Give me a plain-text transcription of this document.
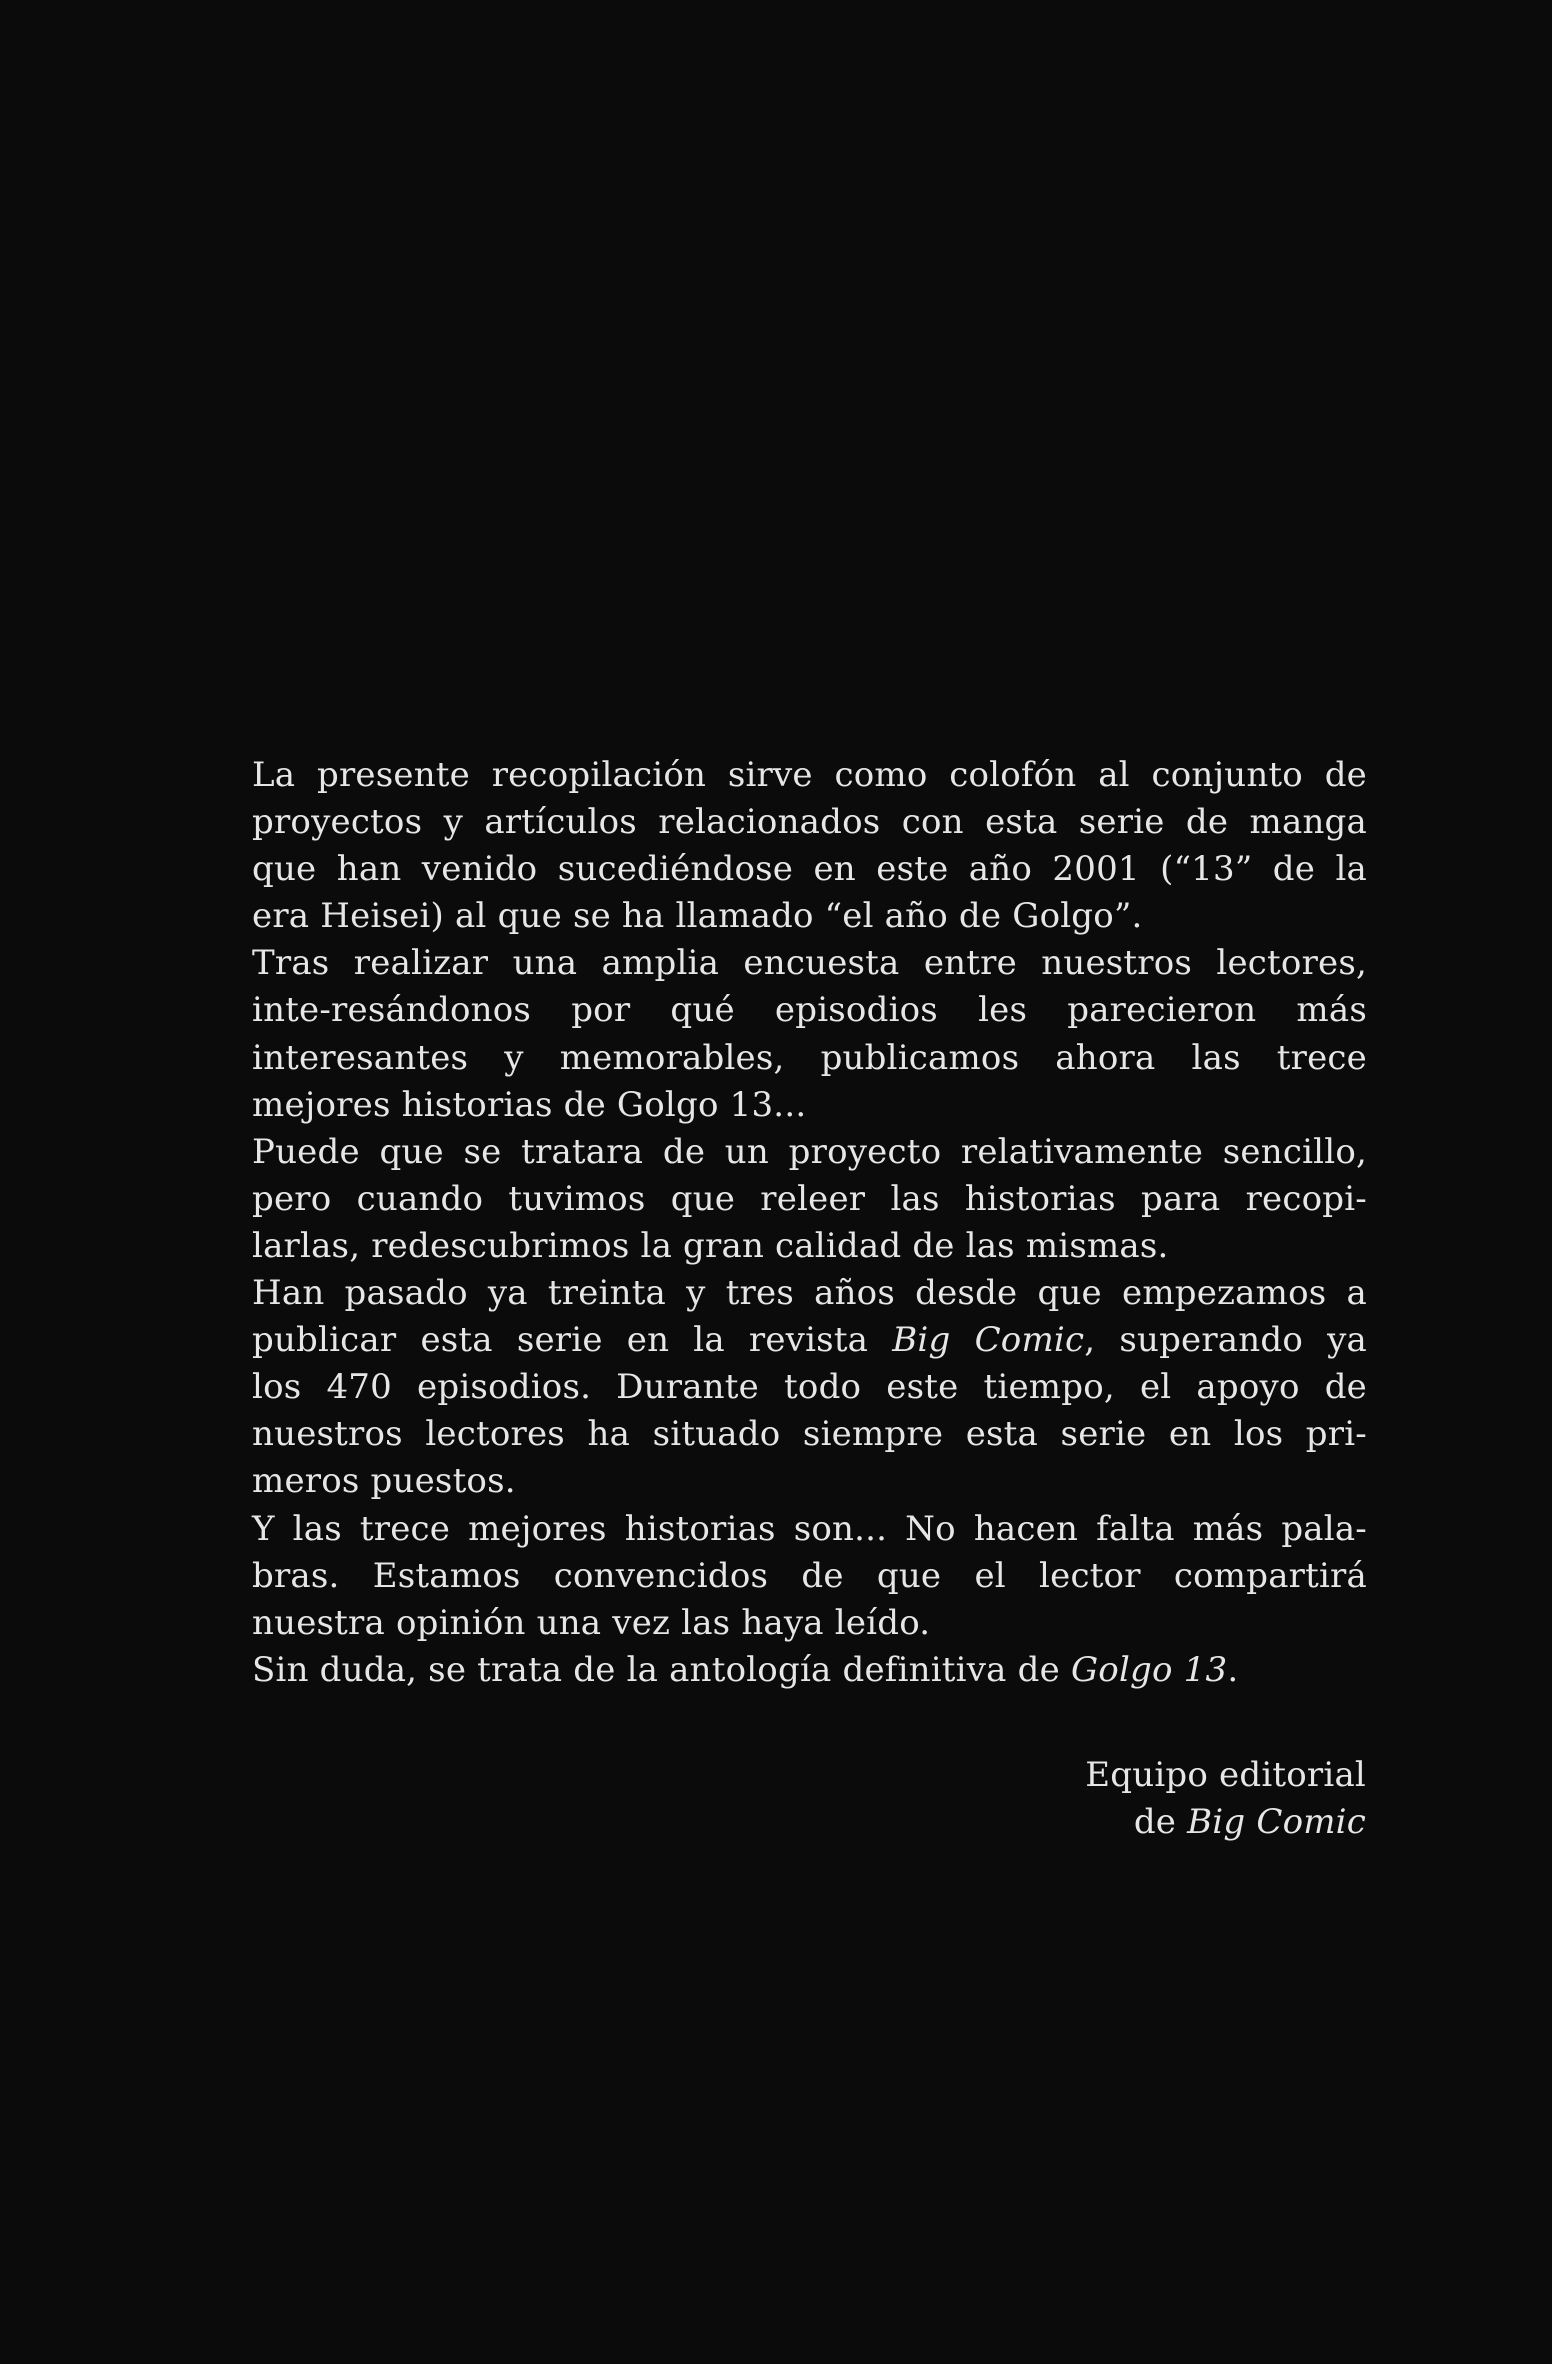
La presente recopilación sirve como colofón al conjunto de
proyectos y artículos relacionados con esta serie de manga
que han venido sucediéndose en este año 2001 (“13” de la
era Heisei) al que se ha llamado “el año de Golgo”.
Tras realizar una amplia encuesta entre nuestros lectores,
inte-resándonos por qué episodios les parecieron más
interesantes y memorables, publicamos ahora las trece
mejores historias de Golgo 13...
Puede que se tratara de un proyecto relativamente sencillo,
pero cuando tuvimos que releer las historias para recopi-
larlas, redescubrimos la gran calidad de las mismas.
Han pasado ya treinta y tres años desde que empezamos a
publicar esta serie en la revista Big Comic, superando ya
los 470 episodios. Durante todo este tiempo, el apoyo de
nuestros lectores ha situado siempre esta serie en los pri-
meros puestos.
Y las trece mejores historias son... No hacen falta más pala-
bras. Estamos convencidos de que el lector compartirá
nuestra opinión una vez las haya leído.
Sin duda, se trata de la antología definitiva de Golgo 13.
Equipo editorial
de Big Comic
